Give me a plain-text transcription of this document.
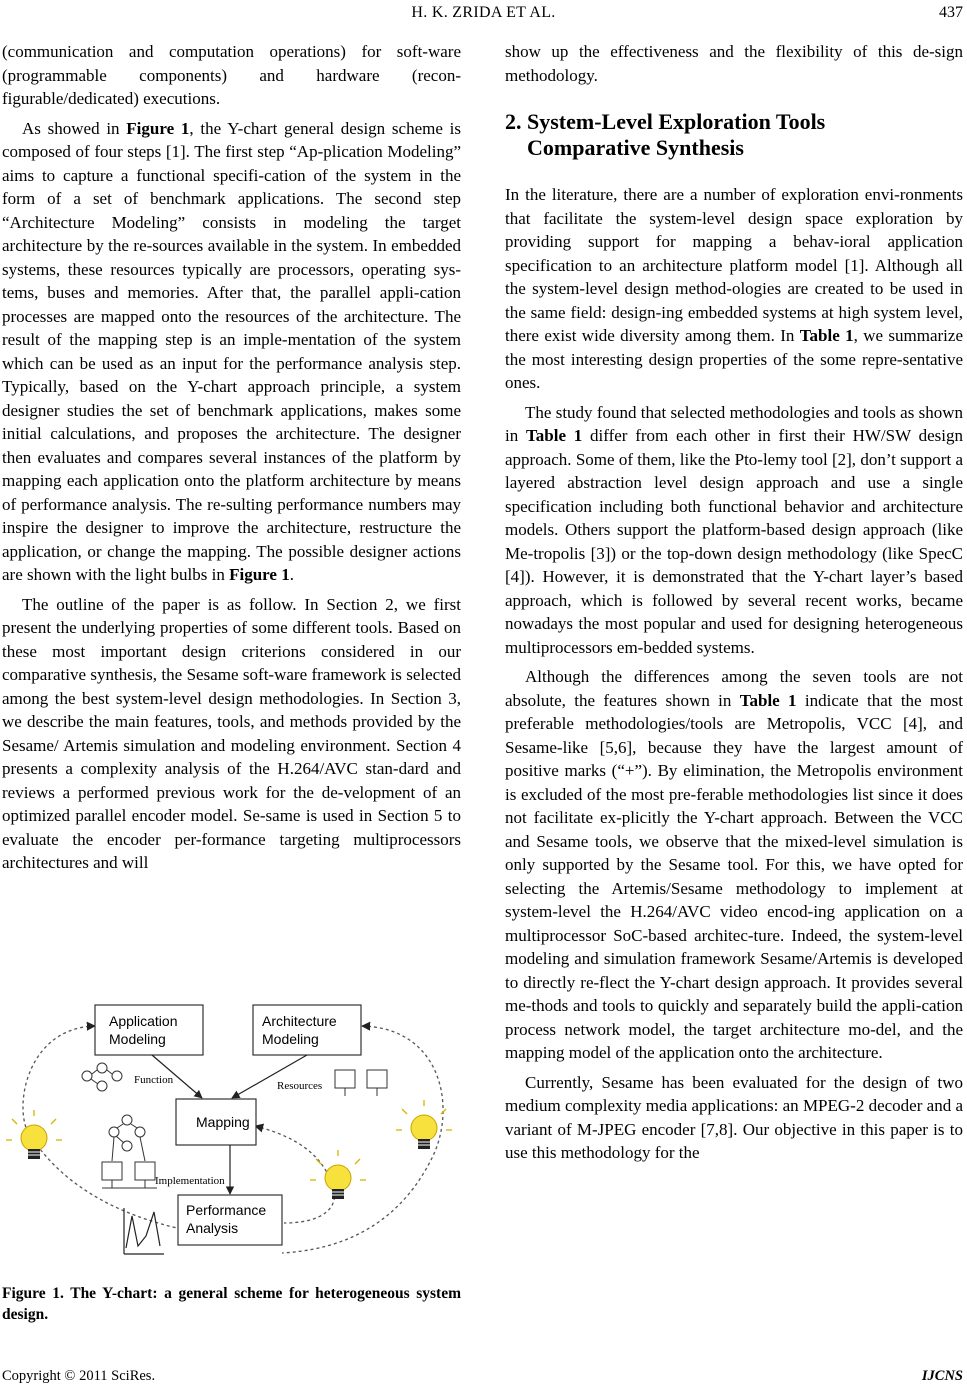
H. K. ZRIDA ET AL.	437

(communication and computation operations) for soft-ware (programmable components) and hardware (recon-figurable/dedicated) executions.

As showed in Figure 1, the Y-chart general design scheme is composed of four steps [1]. The first step “Ap-plication Modeling” aims to capture a functional specifi-cation of the system in the form of a set of benchmark applications. The second step “Architecture Modeling” consists in modeling the target architecture by the re-sources available in the system. In embedded systems, these resources typically are processors, operating sys-tems, buses and memories. After that, the parallel appli-cation processes are mapped onto the resources of the architecture. The result of the mapping step is an imple-mentation of the system which can be used as an input for the performance analysis step. Typically, based on the Y-chart approach principle, a system designer studies the set of benchmark applications, makes some initial calculations, and proposes the architecture. The designer then evaluates and compares several instances of the platform by mapping each application onto the platform architecture by means of performance analysis. The re-sulting performance numbers may inspire the designer to improve the architecture, restructure the application, or change the mapping. The possible designer actions are shown with the light bulbs in Figure 1.

The outline of the paper is as follow. In Section 2, we first present the underlying properties of some different tools. Based on these most important design criterions considered in our comparative synthesis, the Sesame soft-ware framework is selected among the best system-level design methodologies. In Section 3, we describe the main features, tools, and methods provided by the Sesame/ Artemis simulation and modeling environment. Section 4 presents a complexity analysis of the H.264/AVC stan-dard and reviews a performed previous work for the de-velopment of an optimized parallel encoder model. Se-same is used in Section 5 to evaluate the encoder per-formance targeting multiprocessors architectures and will

Application
Modeling
Architecture
Modeling
Mapping
Performance
Analysis
Function	Resources
Implementation
Figure 1. The Y-chart: a general scheme for heterogeneous system design.

show up the effectiveness and the flexibility of this de-sign methodology.

2. System-Level Exploration Tools
Comparative Synthesis

In the literature, there are a number of exploration envi-ronments that facilitate the system-level design space exploration by providing support for mapping a behav-ioral application specification to an architecture platform model [1]. Although all the system-level design method-ologies are created to be used in the same field: design-ing embedded systems at high system level, there exist wide diversity among them. In Table 1, we summarize the most interesting design properties of the some repre-sentative ones.

The study found that selected methodologies and tools as shown in Table 1 differ from each other in first their HW/SW design approach. Some of them, like the Pto-lemy tool [2], don’t support a layered abstraction level design approach and use a single specification including both functional behavior and architecture models. Others support the platform-based design approach (like Me-tropolis [3]) or the top-down design methodology (like SpecC [4]). However, it is demonstrated that the Y-chart layer’s based approach, which is followed by several recent works, became nowadays the most popular and used for designing heterogeneous multiprocessors em-bedded systems.

Although the differences among the seven tools are not absolute, the features shown in Table 1 indicate that the most preferable methodologies/tools are Metropolis, VCC [4], and Sesame-like [5,6], because they have the largest amount of positive marks (“+”). By elimination, the Metropolis environment is excluded of the most pre-ferable methodologies list since it does not facilitate ex-plicitly the Y-chart approach. Between the VCC and Sesame tools, we observe that the mixed-level simulation is only supported by the Sesame tool. For this, we have opted for selecting the Artemis/Sesame methodology to implement at system-level the H.264/AVC video encod-ing application on a multiprocessor SoC-based architec-ture. Indeed, the system-level modeling and simulation framework Sesame/Artemis is developed to directly re-flect the Y-chart design approach. It provides several me-thods and tools to quickly and separately build the appli-cation process network model, the target architecture mo-del, and the mapping model of the application onto the architecture.

Currently, Sesame has been evaluated for the design of two medium complexity media applications: an MPEG-2 decoder and a variant of M-JPEG encoder [7,8]. Our objective in this paper is to use this methodology for the

Copyright © 2011 SciRes.	IJCNS
